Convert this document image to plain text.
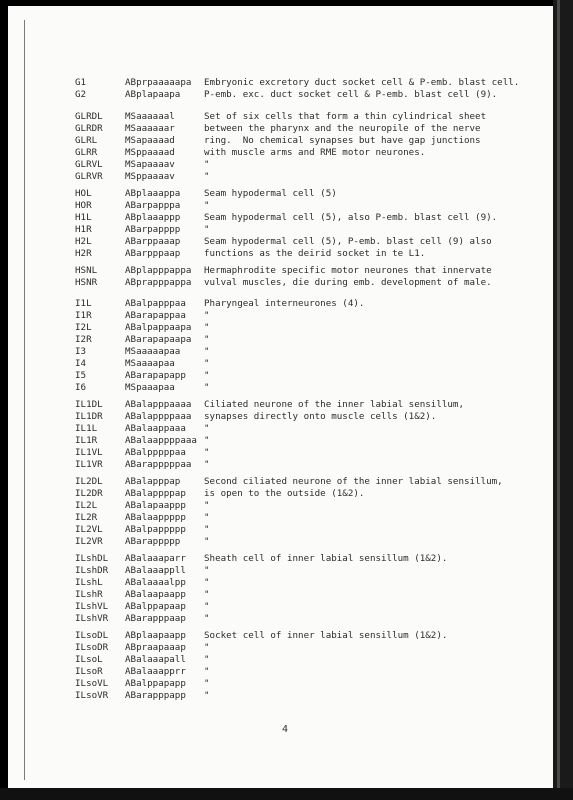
G1	ABprpaaaaapa Embryonic excretory duct socket cell & P-emb. blast cell.
G2	ABplapaapa	P-emb. exc. duct socket cell & P-emb. blast cell (9).
GLRDL MSaaaaaal	Set of six cells that form a thin cylindrical sheet
GLRDR MSaaaaaar	between the pharynx and the neuropile of the nerve
GLRL	MSapaaaad	ring.  No chemical synapses but have gap junctions
GLRR	MSppaaaad	with muscle arms and RME motor neurones.
GLRVL MSapaaaav	"
GLRVR MSppaaaav	"
HOL	ABplaaappa	Seam hypodermal cell (5)
HOR	ABarpapppa	"
H1L	ABplaaappp	Seam hypodermal cell (5), also P-emb. blast cell (9).
H1R	ABarpapppp	"
H2L	ABarppaaap	Seam hypodermal cell (5), P-emb. blast cell (9) also
H2R	ABarpppaap	functions as the deirid socket in te L1.
HSNL	ABplapppappa Hermaphrodite specific motor neurones that innervate
HSNR	ABprapppappa vulval muscles, die during emb. development of male.
I1L	ABalpapppaa Pharyngeal interneurones (4).
I1R	ABarapappaa "
I2L	ABalpappaapa "
I2R	ABarapapaapa "
I3	MSaaaaapaa	"
I4	MSaaaapaa	"
I5	ABarapapapp "
I6	MSpaaapaa	"
IL1DL ABalapppaaaa Ciliated neurone of the inner labial sensillum,
IL1DR ABalappppaaa synapses directly onto muscle cells (1&2).
IL1L	ABalaappaaa "
IL1R	ABalaappppaaa "
IL1VL ABalpppppaa "
IL1VR ABarapppppaa "
IL2DL ABalapppap	Second ciliated neurone of the inner labial sensillum,
IL2DR ABalappppap is open to the outside (1&2).
IL2L	ABalapaappp "
IL2R	ABalaappppp "
IL2VL ABalpappppp "
IL2VR ABarappppp	"
ILshDL ABalaaaparr Sheath cell of inner labial sensillum (1&2).
ILshDR ABalaaappll "
ILshL ABalaaaalpp "
ILshR ABalaapaapp "
ILshVL ABalppapaap "
ILshVR ABarapppaap "
ILsoDL ABplaapaapp Socket cell of inner labial sensillum (1&2).
ILsoDR ABpraapaaap "
ILsoL ABalaaapall "
ILsoR ABalaaapprr "
ILsoVL ABalppapapp "
ILsoVR ABarapppapp "
4
